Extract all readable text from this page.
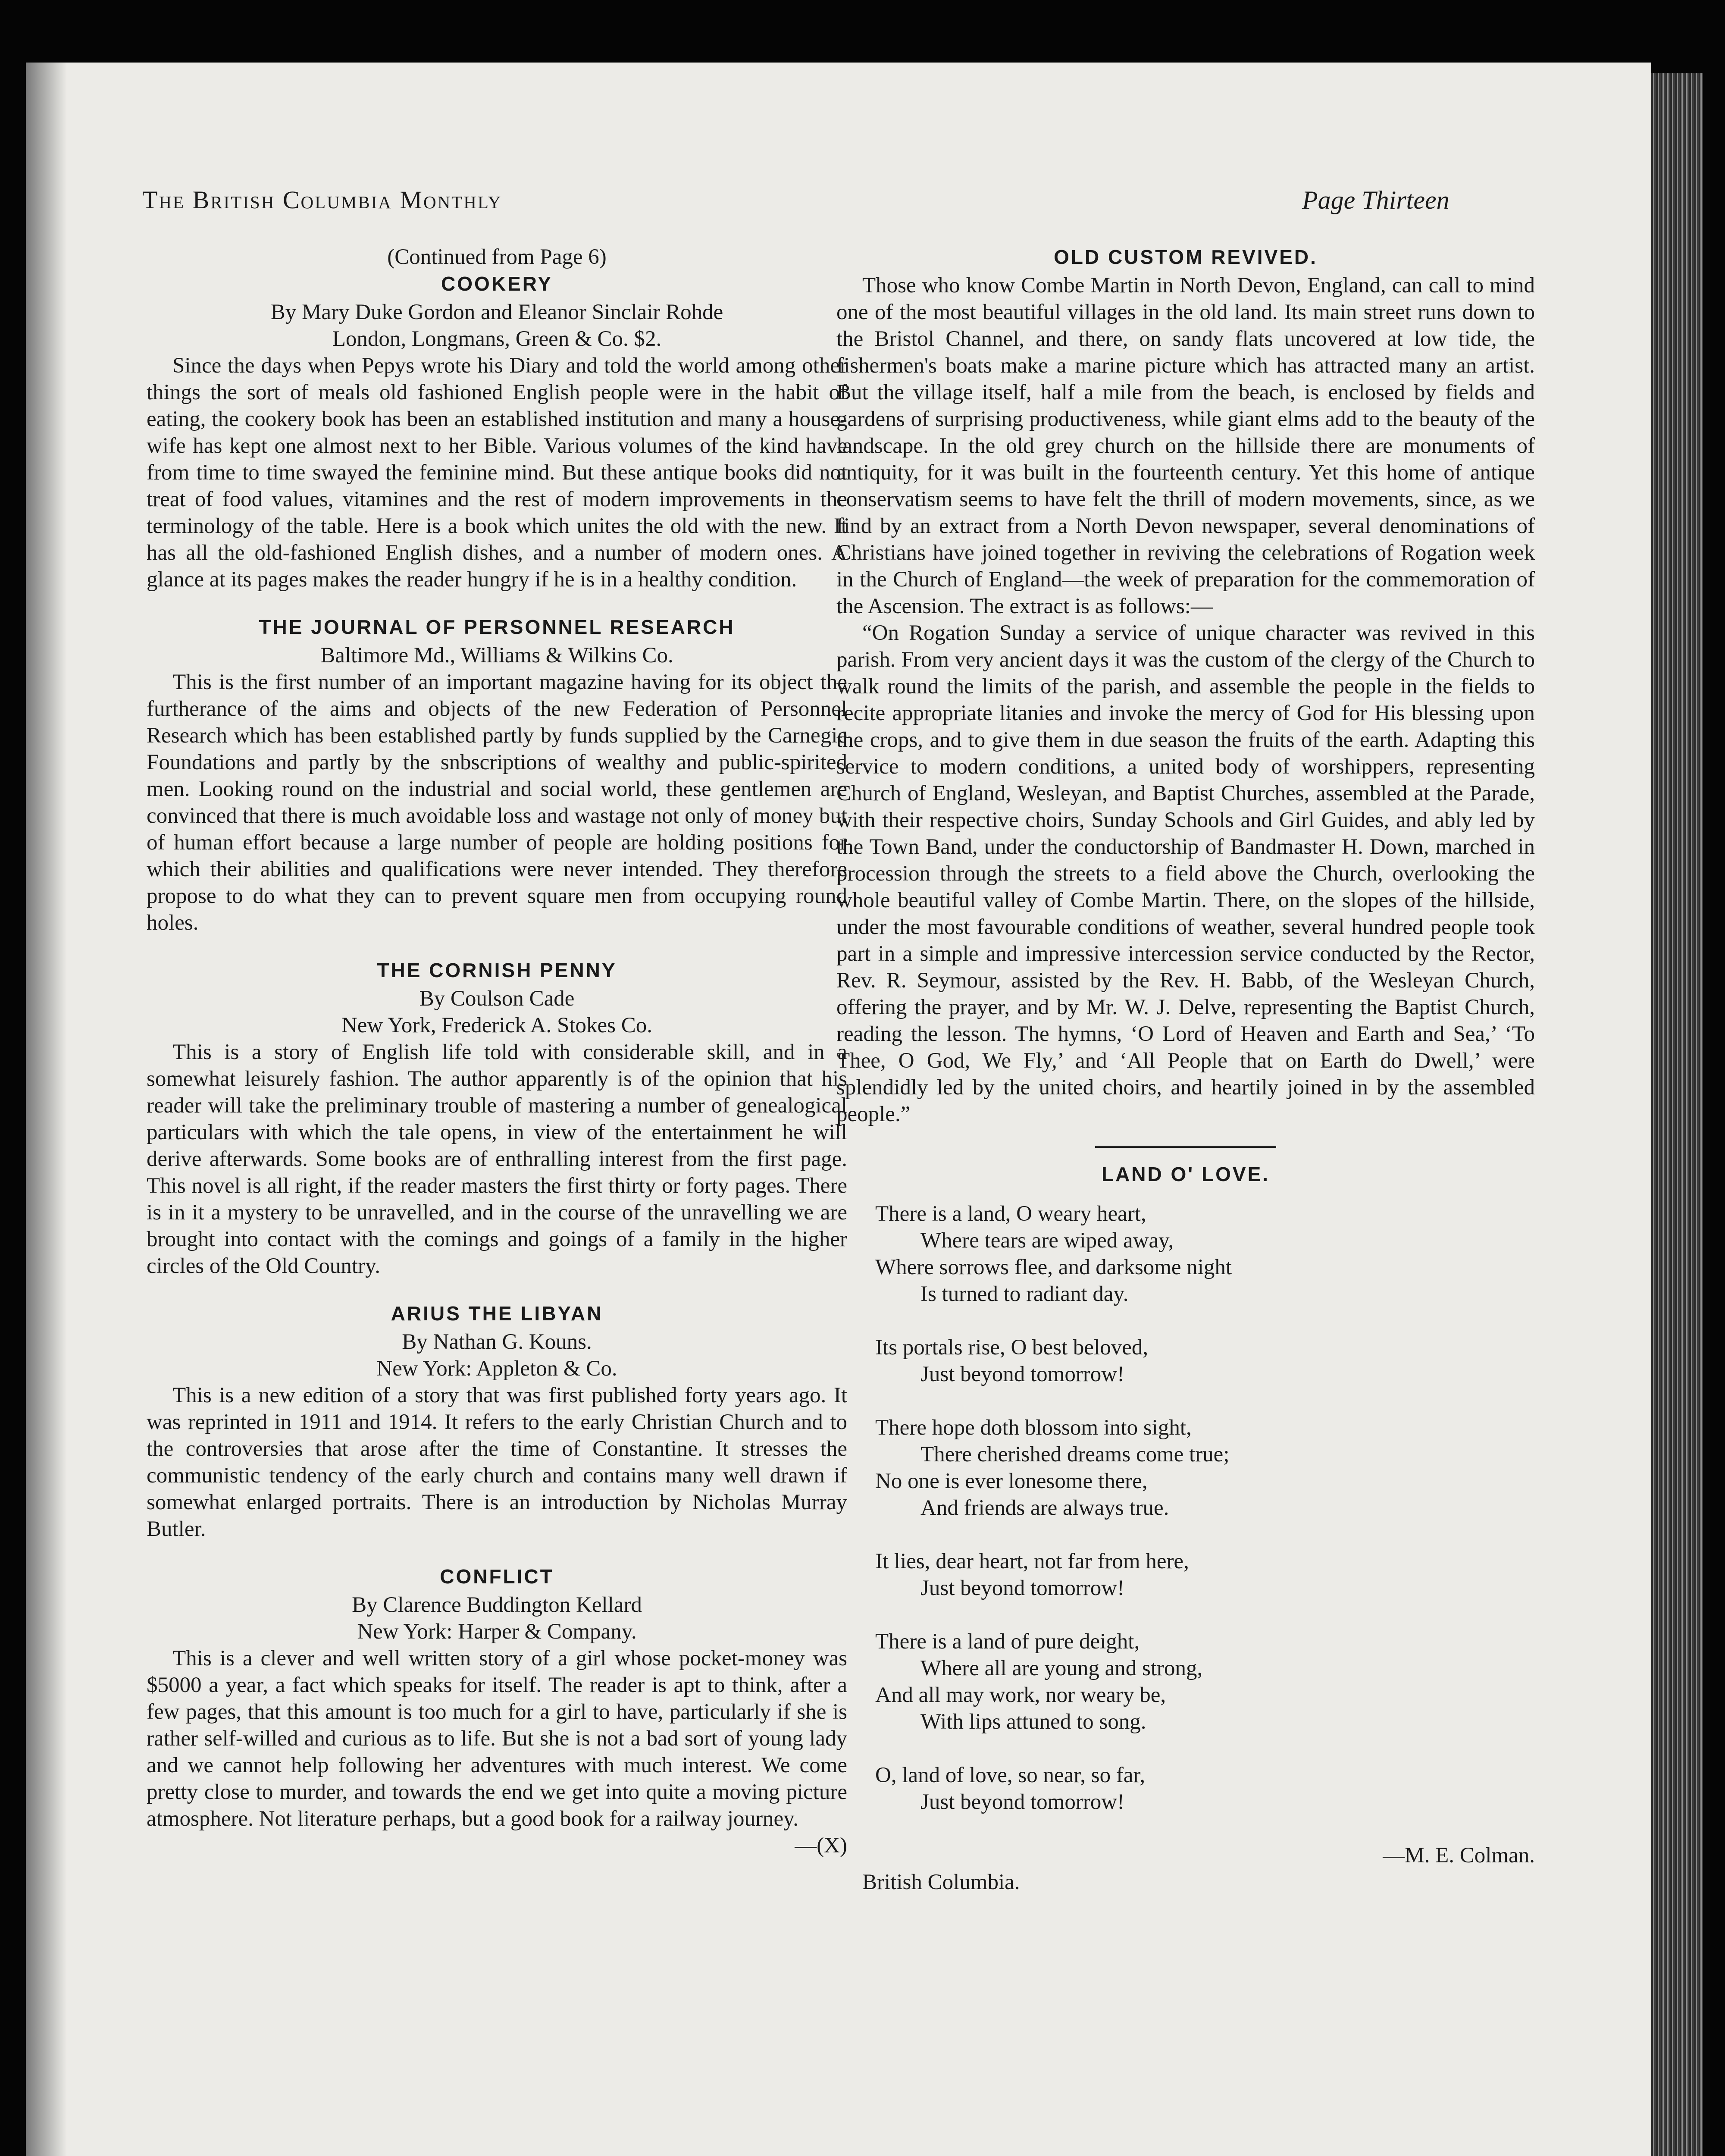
The British Columbia Monthly	Page Thirteen

(Continued from Page 6)

COOKERY

By Mary Duke Gordon and Eleanor Sinclair Rohde

London, Longmans, Green & Co. $2.

Since the days when Pepys wrote his Diary and told the world among other things the sort of meals old fashioned English people were in the habit of eating, the cookery book has been an established institution and many a house-wife has kept one almost next to her Bible. Various volumes of the kind have from time to time swayed the feminine mind. But these antique books did not treat of food values, vitamines and the rest of modern improvements in the terminology of the table. Here is a book which unites the old with the new. It has all the old-fashioned English dishes, and a number of modern ones. A glance at its pages makes the reader hungry if he is in a healthy condition.

THE JOURNAL OF PERSONNEL RESEARCH

Baltimore Md., Williams & Wilkins Co.

This is the first number of an important magazine having for its object the furtherance of the aims and objects of the new Federation of Personnel Research which has been established partly by funds supplied by the Carnegie Foundations and partly by the snbscriptions of wealthy and public-spirited men. Looking round on the industrial and social world, these gentlemen are convinced that there is much avoidable loss and wastage not only of money but of human effort because a large number of people are holding positions for which their abilities and qualifications were never intended. They therefore propose to do what they can to prevent square men from occupying round holes.

THE CORNISH PENNY

By Coulson Cade

New York, Frederick A. Stokes Co.

This is a story of English life told with considerable skill, and in a somewhat leisurely fashion. The author apparently is of the opinion that his reader will take the preliminary trouble of mastering a number of genealogical particulars with which the tale opens, in view of the entertainment he will derive afterwards. Some books are of enthralling interest from the first page. This novel is all right, if the reader masters the first thirty or forty pages. There is in it a mystery to be unravelled, and in the course of the unravelling we are brought into contact with the comings and goings of a family in the higher circles of the Old Country.

ARIUS THE LIBYAN

By Nathan G. Kouns.

New York: Appleton & Co.

This is a new edition of a story that was first published forty years ago. It was reprinted in 1911 and 1914. It refers to the early Christian Church and to the controversies that arose after the time of Constantine. It stresses the communistic tendency of the early church and contains many well drawn if somewhat enlarged portraits. There is an introduction by Nicholas Murray Butler.

CONFLICT

By Clarence Buddington Kellard

New York: Harper & Company.

This is a clever and well written story of a girl whose pocket-money was $5000 a year, a fact which speaks for itself. The reader is apt to think, after a few pages, that this amount is too much for a girl to have, particularly if she is rather self-willed and curious as to life. But she is not a bad sort of young lady and we cannot help following her adventures with much interest. We come pretty close to murder, and towards the end we get into quite a moving picture atmosphere. Not literature perhaps, but a good book for a railway journey.

—(X)

OLD CUSTOM REVIVED.

Those who know Combe Martin in North Devon, England, can call to mind one of the most beautiful villages in the old land. Its main street runs down to the Bristol Channel, and there, on sandy flats uncovered at low tide, the fishermen's boats make a marine picture which has attracted many an artist. But the village itself, half a mile from the beach, is enclosed by fields and gardens of surprising productiveness, while giant elms add to the beauty of the landscape. In the old grey church on the hillside there are monuments of antiquity, for it was built in the fourteenth century. Yet this home of antique conservatism seems to have felt the thrill of modern movements, since, as we find by an extract from a North Devon newspaper, several denominations of Christians have joined together in reviving the celebrations of Rogation week in the Church of England—the week of preparation for the commemoration of the Ascension. The extract is as follows:—

“On Rogation Sunday a service of unique character was revived in this parish. From very ancient days it was the custom of the clergy of the Church to walk round the limits of the parish, and assemble the people in the fields to recite appropriate litanies and invoke the mercy of God for His blessing upon the crops, and to give them in due season the fruits of the earth. Adapting this service to modern conditions, a united body of worshippers, representing Church of England, Wesleyan, and Baptist Churches, assembled at the Parade, with their respective choirs, Sunday Schools and Girl Guides, and ably led by the Town Band, under the conductorship of Bandmaster H. Down, marched in procession through the streets to a field above the Church, overlooking the whole beautiful valley of Combe Martin. There, on the slopes of the hillside, under the most favourable conditions of weather, several hundred people took part in a simple and impressive intercession service conducted by the Rector, Rev. R. Seymour, assisted by the Rev. H. Babb, of the Wesleyan Church, offering the prayer, and by Mr. W. J. Delve, representing the Baptist Church, reading the lesson. The hymns, ‘O Lord of Heaven and Earth and Sea,’ ‘To Thee, O God, We Fly,’ and ‘All People that on Earth do Dwell,’ were splendidly led by the united choirs, and heartily joined in by the assembled people.”

LAND O' LOVE.
There is a land, O weary heart,
Where tears are wiped away,
Where sorrows flee, and darksome night
Is turned to radiant day.
Its portals rise, O best beloved,
Just beyond tomorrow!
There hope doth blossom into sight,
There cherished dreams come true;
No one is ever lonesome there,
And friends are always true.
It lies, dear heart, not far from here,
Just beyond tomorrow!
There is a land of pure deight,
Where all are young and strong,
And all may work, nor weary be,
With lips attuned to song.
O, land of love, so near, so far,
Just beyond tomorrow!

—M. E. Colman.

British Columbia.
